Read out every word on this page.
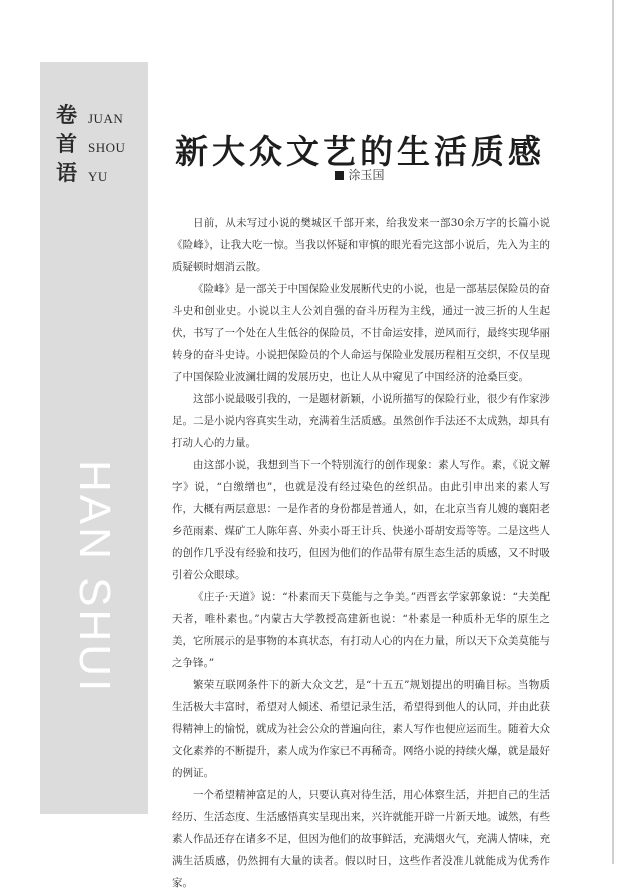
卷
首
语
JUAN
SHOU
YU
HAN SHUI
新大众文艺的生活质感
涂玉国

日前，从未写过小说的樊城区千部开来，给我发来一部30余万字的长篇小说《险峰》，让我大吃一惊。当我以怀疑和审慎的眼光看完这部小说后，先入为主的质疑顿时烟消云散。

《险峰》是一部关于中国保险业发展断代史的小说，也是一部基层保险员的奋斗史和创业史。小说以主人公刘自强的奋斗历程为主线，通过一波三折的人生起伏，书写了一个处在人生低谷的保险员，不甘命运安排，逆风而行，最终实现华丽转身的奋斗史诗。小说把保险员的个人命运与保险业发展历程相互交织，不仅呈现了中国保险业波澜壮阔的发展历史，也让人从中窥见了中国经济的沧桑巨变。

这部小说最吸引我的，一是题材新颖，小说所描写的保险行业，很少有作家涉足。二是小说内容真实生动，充满着生活质感。虽然创作手法还不太成熟，却具有打动人心的力量。

由这部小说，我想到当下一个特别流行的创作现象：素人写作。素，《说文解字》说，“白缴缯也”，也就是没有经过染色的丝织品。由此引申出来的素人写作，大概有两层意思：一是作者的身份都是普通人，如，在北京当育儿嫂的襄阳老乡范雨素、煤矿工人陈年喜、外卖小哥王计兵、快递小哥胡安焉等等。二是这些人的创作几乎没有经验和技巧，但因为他们的作品带有原生态生活的质感，又不时吸引着公众眼球。

《庄子·天道》说：“朴素而天下莫能与之争美。”西晋玄学家郭象说：“夫美配天者，唯朴素也。”内蒙古大学教授高建新也说：“朴素是一种质朴无华的原生之美，它所展示的是事物的本真状态，有打动人心的内在力量，所以天下众美莫能与之争锋。”

繁荣互联网条件下的新大众文艺，是“十五五”规划提出的明确目标。当物质生活极大丰富时，希望对人倾述、希望记录生活，希望得到他人的认同，并由此获得精神上的愉悦，就成为社会公众的普遍向往，素人写作也便应运而生。随着大众文化素养的不断提升，素人成为作家已不再稀奇。网络小说的持续火爆，就是最好的例证。

一个希望精神富足的人，只要认真对待生活，用心体察生活，并把自己的生活经历、生活态度、生活感悟真实呈现出来，兴许就能开辟一片新天地。诚然，有些素人作品还存在诸多不足，但因为他们的故事鲜活，充满烟火气，充满人情味，充满生活质感，仍然拥有大量的读者。假以时日，这些作者没准儿就能成为优秀作家。
